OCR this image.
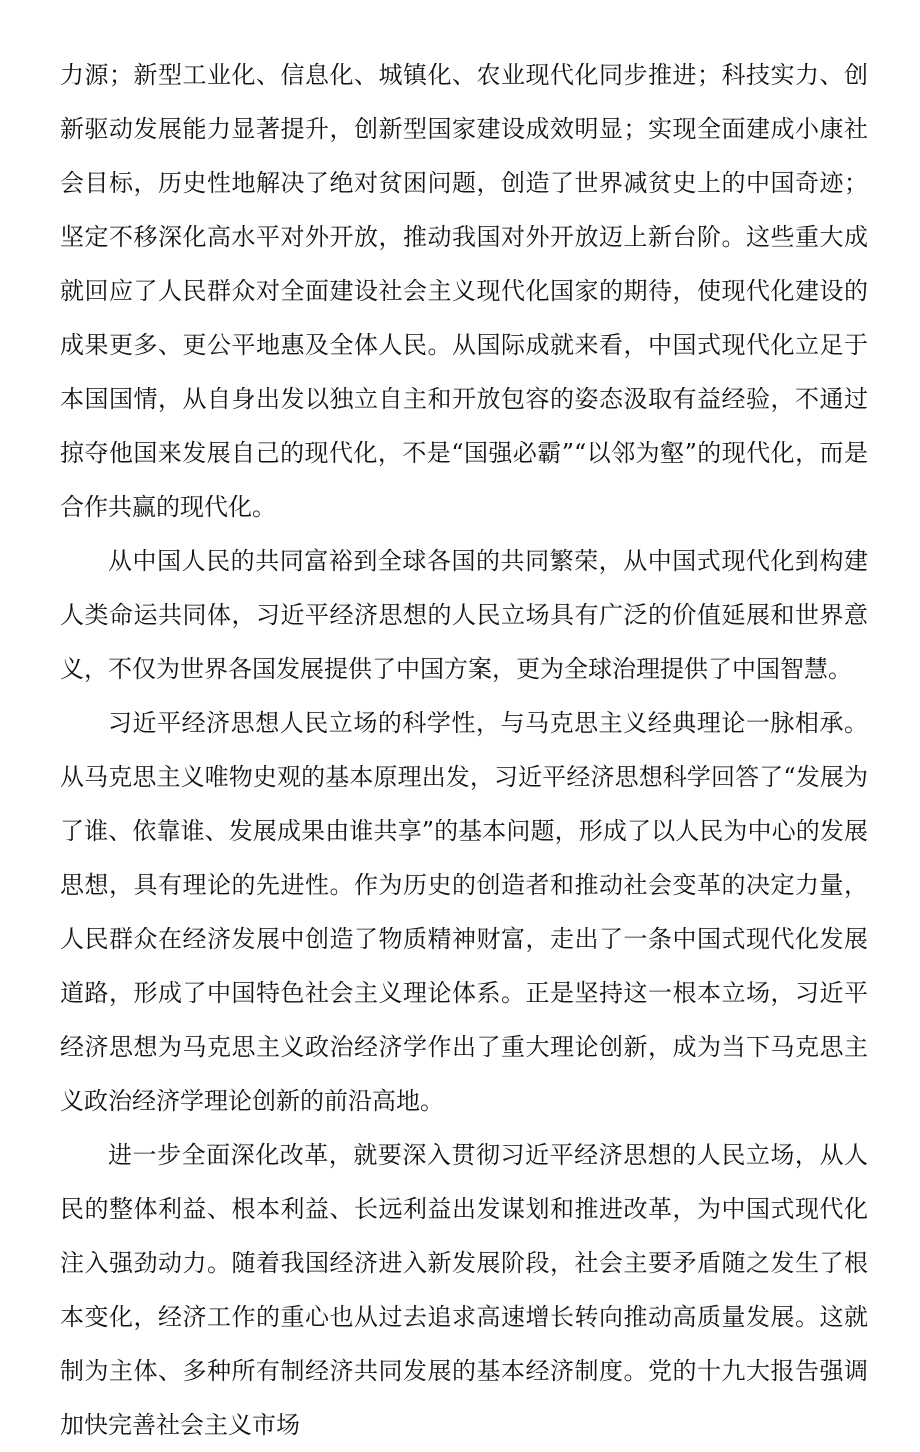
力源；新型工业化、信息化、城镇化、农业现代化同步推进；科技实力、创新驱动发展能力显著提升，创新型国家建设成效明显；实现全面建成小康社会目标，历史性地解决了绝对贫困问题，创造了世界减贫史上的中国奇迹；坚定不移深化高水平对外开放，推动我国对外开放迈上新台阶。这些重大成就回应了人民群众对全面建设社会主义现代化国家的期待，使现代化建设的成果更多、更公平地惠及全体人民。从国际成就来看，中国式现代化立足于本国国情，从自身出发以独立自主和开放包容的姿态汲取有益经验，不通过掠夺他国来发展自己的现代化，不是“国强必霸”“以邻为壑”的现代化，而是合作共赢的现代化。

从中国人民的共同富裕到全球各国的共同繁荣，从中国式现代化到构建人类命运共同体，习近平经济思想的人民立场具有广泛的价值延展和世界意义，不仅为世界各国发展提供了中国方案，更为全球治理提供了中国智慧。

习近平经济思想人民立场的科学性，与马克思主义经典理论一脉相承。从马克思主义唯物史观的基本原理出发，习近平经济思想科学回答了“发展为了谁、依靠谁、发展成果由谁共享”的基本问题，形成了以人民为中心的发展思想，具有理论的先进性。作为历史的创造者和推动社会变革的决定力量，人民群众在经济发展中创造了物质精神财富，走出了一条中国式现代化发展道路，形成了中国特色社会主义理论体系。正是坚持这一根本立场，习近平经济思想为马克思主义政治经济学作出了重大理论创新，成为当下马克思主义政治经济学理论创新的前沿高地。

进一步全面深化改革，就要深入贯彻习近平经济思想的人民立场，从人民的整体利益、根本利益、长远利益出发谋划和推进改革，为中国式现代化注入强劲动力。随着我国经济进入新发展阶段，社会主要矛盾随之发生了根本变化，经济工作的重心也从过去追求高速增长转向推动高质量发展。这就制为主体、多种所有制经济共同发展的基本经济制度。党的十九大报告强调加快完善社会主义市场
